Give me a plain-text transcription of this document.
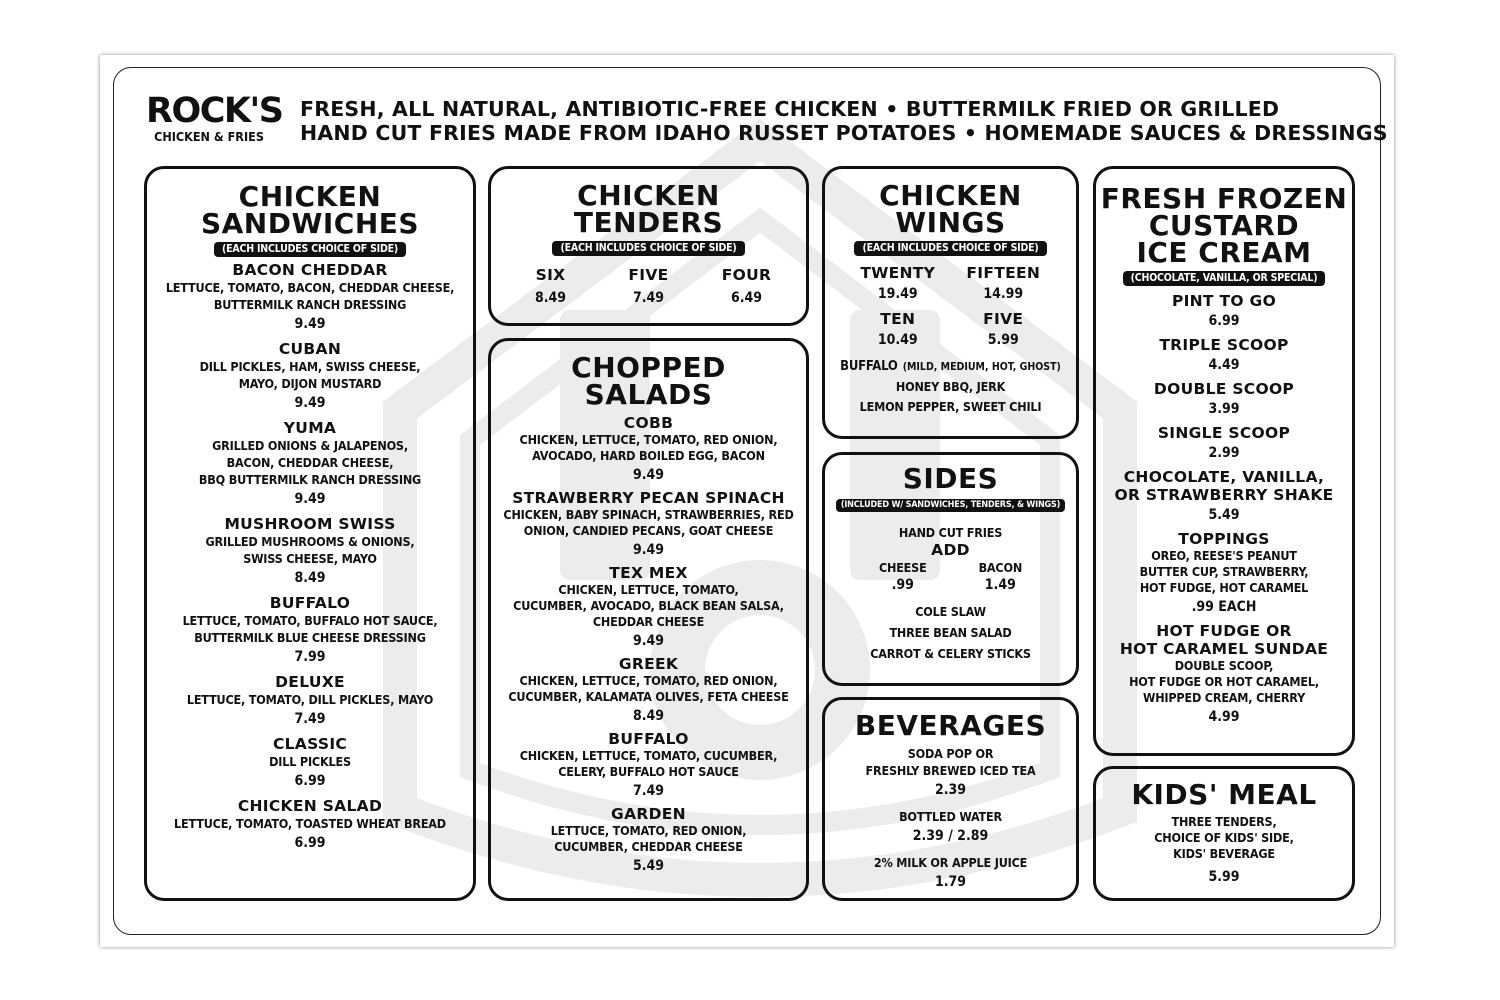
ROCK'S
CHICKEN & FRIES
FRESH, ALL NATURAL, ANTIBIOTIC-FREE CHICKEN • BUTTERMILK FRIED OR GRILLED
HAND CUT FRIES MADE FROM IDAHO RUSSET POTATOES • HOMEMADE SAUCES & DRESSINGS
CHICKEN
SANDWICHES
(EACH INCLUDES CHOICE OF SIDE)
BACON CHEDDAR
LETTUCE, TOMATO, BACON, CHEDDAR CHEESE,
BUTTERMILK RANCH DRESSING
9.49
CUBAN
DILL PICKLES, HAM, SWISS CHEESE,
MAYO, DIJON MUSTARD
9.49
YUMA
GRILLED ONIONS & JALAPENOS,
BACON, CHEDDAR CHEESE,
BBQ BUTTERMILK RANCH DRESSING
9.49
MUSHROOM SWISS
GRILLED MUSHROOMS & ONIONS,
SWISS CHEESE, MAYO
8.49
BUFFALO
LETTUCE, TOMATO, BUFFALO HOT SAUCE,
BUTTERMILK BLUE CHEESE DRESSING
7.99
DELUXE
LETTUCE, TOMATO, DILL PICKLES, MAYO
7.49
CLASSIC
DILL PICKLES
6.99
CHICKEN SALAD
LETTUCE, TOMATO, TOASTED WHEAT BREAD
6.99
CHICKEN
TENDERS
(EACH INCLUDES CHOICE OF SIDE)
SIX
8.49
FIVE
7.49
FOUR
6.49
CHOPPED
SALADS
COBB
CHICKEN, LETTUCE, TOMATO, RED ONION,
AVOCADO, HARD BOILED EGG, BACON
9.49
STRAWBERRY PECAN SPINACH
CHICKEN, BABY SPINACH, STRAWBERRIES, RED
ONION, CANDIED PECANS, GOAT CHEESE
9.49
TEX MEX
CHICKEN, LETTUCE, TOMATO,
CUCUMBER, AVOCADO, BLACK BEAN SALSA,
CHEDDAR CHEESE
9.49
GREEK
CHICKEN, LETTUCE, TOMATO, RED ONION,
CUCUMBER, KALAMATA OLIVES, FETA CHEESE
8.49
BUFFALO
CHICKEN, LETTUCE, TOMATO, CUCUMBER,
CELERY, BUFFALO HOT SAUCE
7.49
GARDEN
LETTUCE, TOMATO, RED ONION,
CUCUMBER, CHEDDAR CHEESE
5.49
CHICKEN
WINGS
(EACH INCLUDES CHOICE OF SIDE)
TWENTY
19.49
FIFTEEN
14.99
TEN
10.49
FIVE
5.99
BUFFALO (MILD, MEDIUM, HOT, GHOST)
HONEY BBQ, JERK
LEMON PEPPER, SWEET CHILI
SIDES
(INCLUDED W/ SANDWICHES, TENDERS, & WINGS)
HAND CUT FRIES
ADD
CHEESE
.99
BACON
1.49
COLE SLAW
THREE BEAN SALAD
CARROT & CELERY STICKS
BEVERAGES
SODA POP OR
FRESHLY BREWED ICED TEA
2.39
BOTTLED WATER
2.39 / 2.89
2% MILK OR APPLE JUICE
1.79
FRESH FROZEN
CUSTARD
ICE CREAM
(CHOCOLATE, VANILLA, OR SPECIAL)
PINT TO GO
6.99
TRIPLE SCOOP
4.49
DOUBLE SCOOP
3.99
SINGLE SCOOP
2.99
CHOCOLATE, VANILLA,
OR STRAWBERRY SHAKE
5.49
TOPPINGS
OREO, REESE'S PEANUT
BUTTER CUP, STRAWBERRY,
HOT FUDGE, HOT CARAMEL
.99 EACH
HOT FUDGE OR
HOT CARAMEL SUNDAE
DOUBLE SCOOP,
HOT FUDGE OR HOT CARAMEL,
WHIPPED CREAM, CHERRY
4.99
KIDS' MEAL
THREE TENDERS,
CHOICE OF KIDS' SIDE,
KIDS' BEVERAGE
5.99
